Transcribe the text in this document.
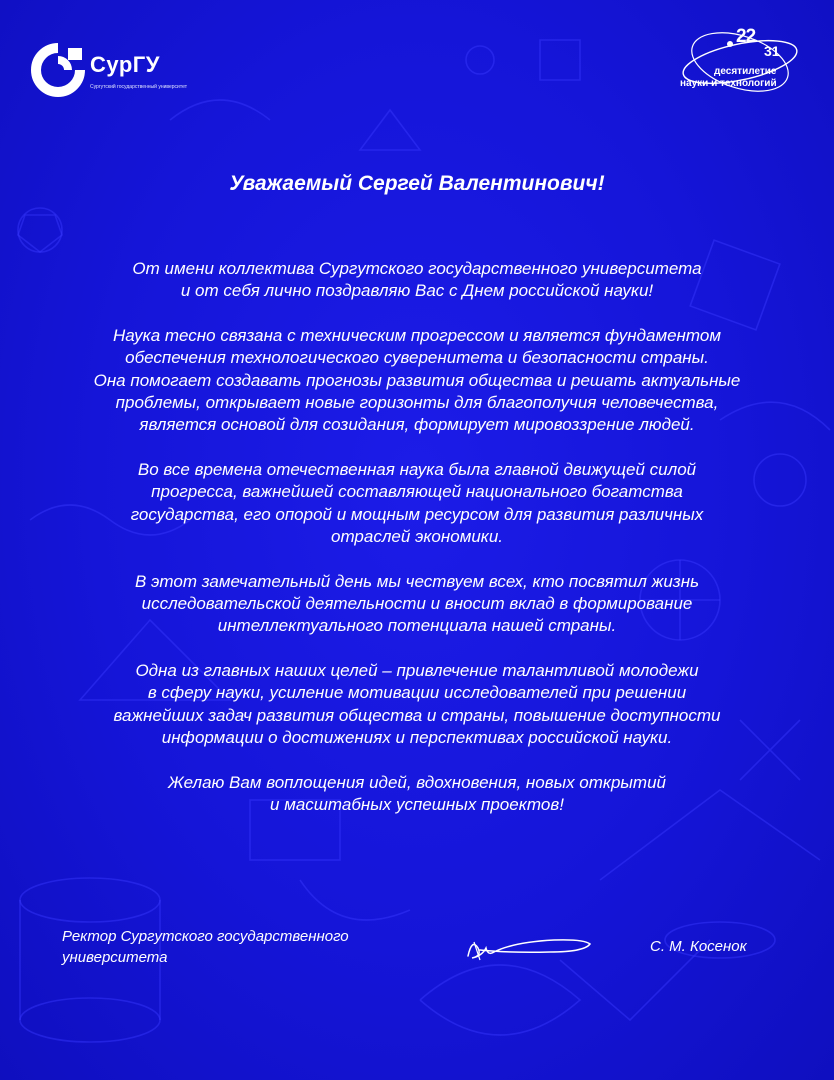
СурГУ
Сургутский государственный университет
22
31
десятилетие
науки и технологий
Уважаемый Сергей Валентинович!

От имени коллектива Сургутского государственного университета
и от себя лично поздравляю Вас с Днем российской науки!

Наука тесно связана с техническим прогрессом и является фундаментом
обеспечения технологического суверенитета и безопасности страны.
Она помогает создавать прогнозы развития общества и решать актуальные
проблемы, открывает новые горизонты для благополучия человечества,
является основой для созидания, формирует мировоззрение людей.

Во все времена отечественная наука была главной движущей силой
прогресса, важнейшей составляющей национального богатства
государства, его опорой и мощным ресурсом для развития различных
отраслей экономики.

В этот замечательный день мы чествуем всех, кто посвятил жизнь
исследовательской деятельности и вносит вклад в формирование
интеллектуального потенциала нашей страны.

Одна из главных наших целей – привлечение талантливой молодежи
в сферу науки, усиление мотивации исследователей при решении
важнейших задач развития общества и страны, повышение доступности
информации о достижениях и перспективах российской науки.

Желаю Вам воплощения идей, вдохновения, новых открытий
и масштабных успешных проектов!

Ректор Сургутского государственного
университета
С. М. Косенок
